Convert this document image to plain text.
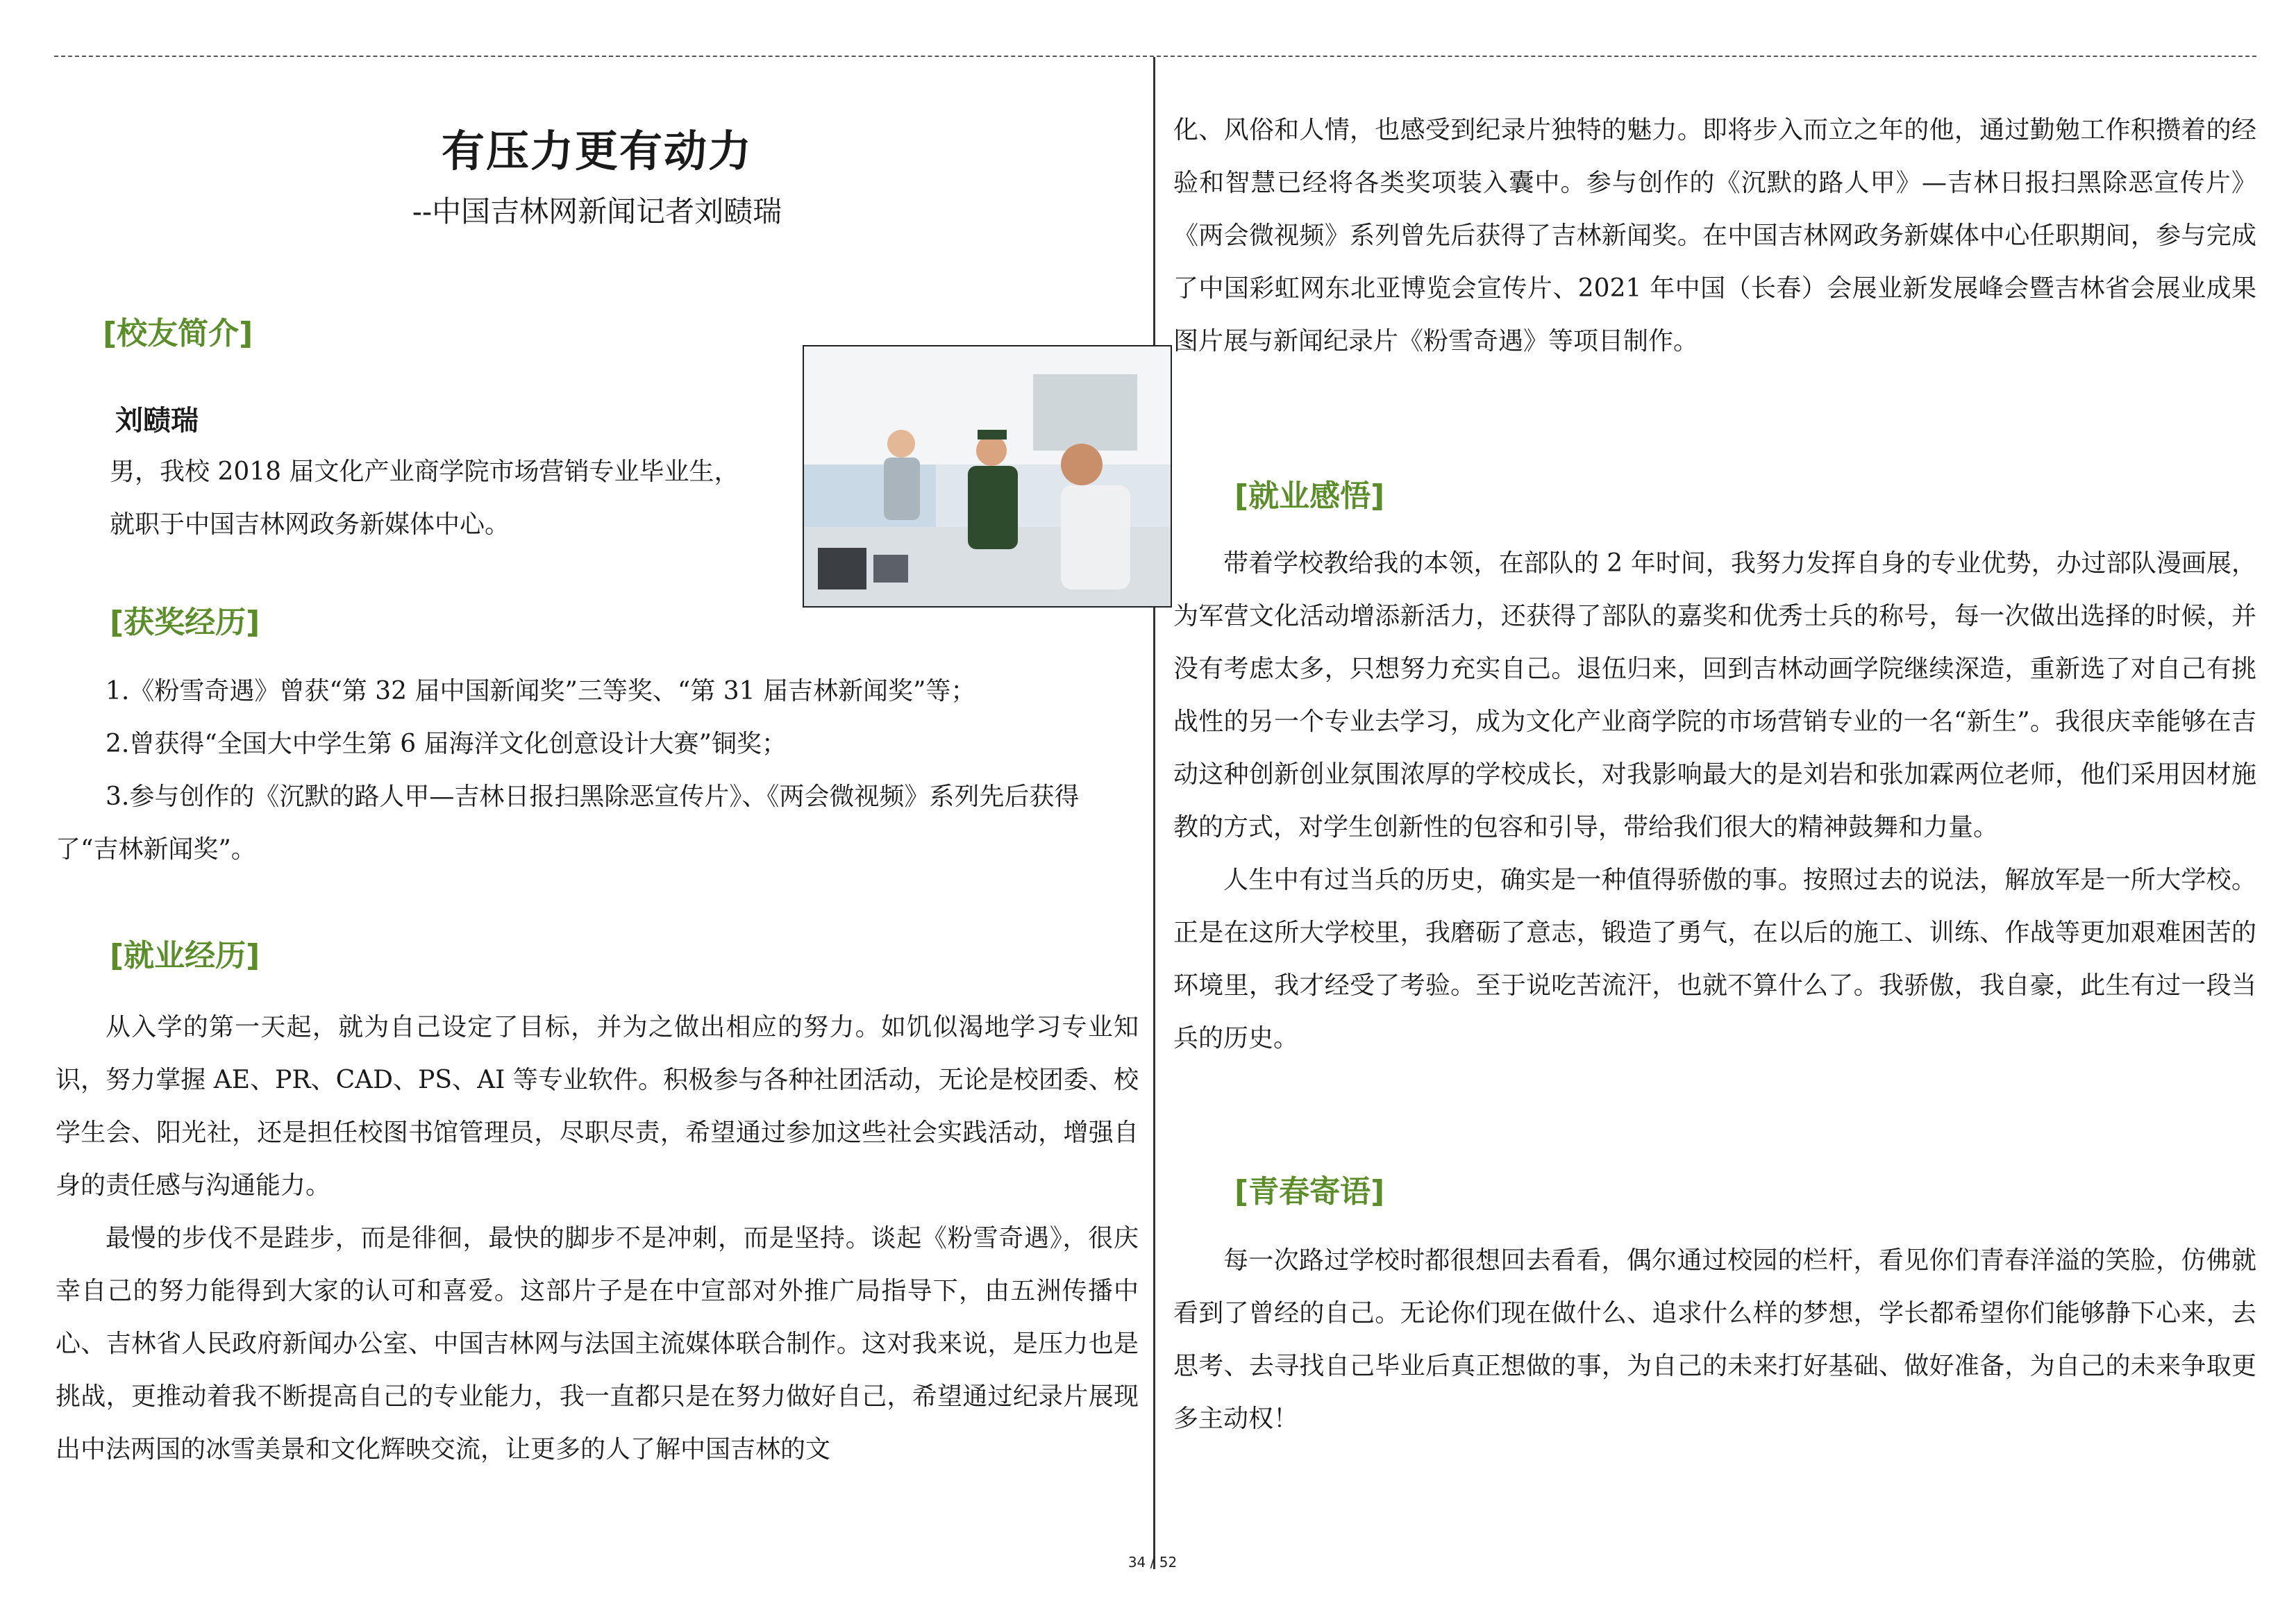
有压力更有动力
--中国吉林网新闻记者刘赜瑞
[校友简介]
刘赜瑞

男，我校 2018 届文化产业商学院市场营销专业毕业生，

就职于中国吉林网政务新媒体中心。

[获奖经历]

1.《粉雪奇遇》曾获“第 32 届中国新闻奖”三等奖、“第 31 届吉林新闻奖”等；

2.曾获得“全国大中学生第 6 届海洋文化创意设计大赛”铜奖；

3.参与创作的《沉默的路人甲—吉林日报扫黑除恶宣传片》、《两会微视频》系列先后获得了“吉林新闻奖”。

[就业经历]

从入学的第一天起，就为自己设定了目标，并为之做出相应的努力。如饥似渴地学习专业知识，努力掌握 AE、PR、CAD、PS、AI 等专业软件。积极参与各种社团活动，无论是校团委、校学生会、阳光社，还是担任校图书馆管理员，尽职尽责，希望通过参加这些社会实践活动，增强自身的责任感与沟通能力。

最慢的步伐不是跬步，而是徘徊，最快的脚步不是冲刺，而是坚持。谈起《粉雪奇遇》，很庆幸自己的努力能得到大家的认可和喜爱。这部片子是在中宣部对外推广局指导下，由五洲传播中心、吉林省人民政府新闻办公室、中国吉林网与法国主流媒体联合制作。这对我来说，是压力也是挑战，更推动着我不断提高自己的专业能力，我一直都只是在努力做好自己，希望通过纪录片展现出中法两国的冰雪美景和文化辉映交流，让更多的人了解中国吉林的文

化、风俗和人情，也感受到纪录片独特的魅力。即将步入而立之年的他，通过勤勉工作积攒着的经验和智慧已经将各类奖项装入囊中。参与创作的《沉默的路人甲》—吉林日报扫黑除恶宣传片》《两会微视频》系列曾先后获得了吉林新闻奖。在中国吉林网政务新媒体中心任职期间，参与完成了中国彩虹网东北亚博览会宣传片、2021 年中国（长春）会展业新发展峰会暨吉林省会展业成果图片展与新闻纪录片《粉雪奇遇》等项目制作。

[就业感悟]

带着学校教给我的本领，在部队的 2 年时间，我努力发挥自身的专业优势，办过部队漫画展，为军营文化活动增添新活力，还获得了部队的嘉奖和优秀士兵的称号，每一次做出选择的时候，并没有考虑太多，只想努力充实自己。退伍归来，回到吉林动画学院继续深造，重新选了对自己有挑战性的另一个专业去学习，成为文化产业商学院的市场营销专业的一名“新生”。我很庆幸能够在吉动这种创新创业氛围浓厚的学校成长，对我影响最大的是刘岩和张加霖两位老师，他们采用因材施教的方式，对学生创新性的包容和引导，带给我们很大的精神鼓舞和力量。

人生中有过当兵的历史，确实是一种值得骄傲的事。按照过去的说法，解放军是一所大学校。正是在这所大学校里，我磨砺了意志，锻造了勇气，在以后的施工、训练、作战等更加艰难困苦的环境里，我才经受了考验。至于说吃苦流汗，也就不算什么了。我骄傲，我自豪，此生有过一段当兵的历史。

[青春寄语]

每一次路过学校时都很想回去看看，偶尔通过校园的栏杆，看见你们青春洋溢的笑脸，仿佛就看到了曾经的自己。无论你们现在做什么、追求什么样的梦想，学长都希望你们能够静下心来，去思考、去寻找自己毕业后真正想做的事，为自己的未来打好基础、做好准备，为自己的未来争取更多主动权！

34 / 52
